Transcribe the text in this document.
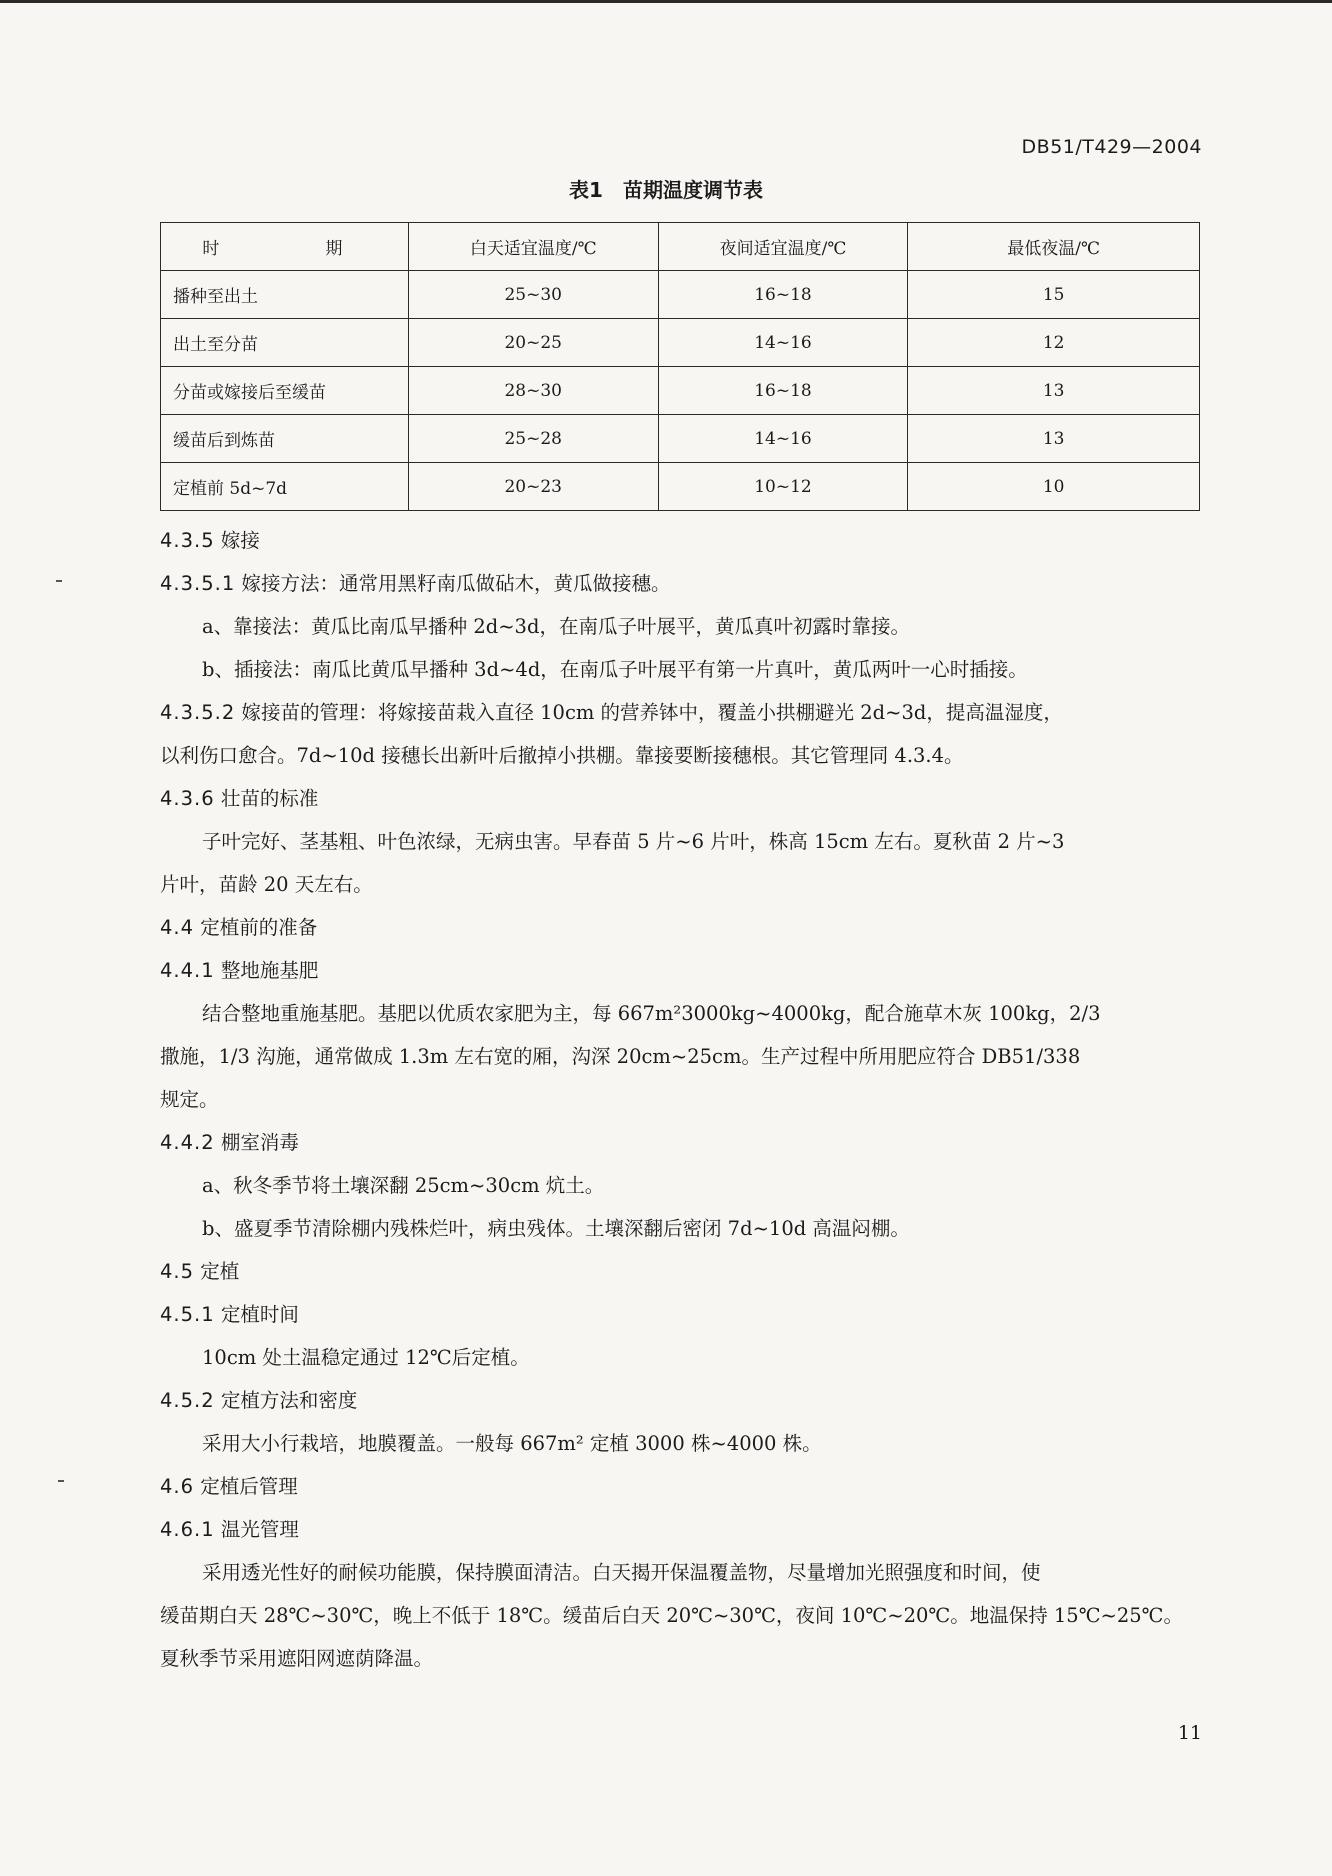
DB51/T429—2004
表1　苗期温度调节表
时　　期	白天适宜温度/℃	夜间适宜温度/℃	最低夜温/℃
播种至出土	25~30	16~18	15
出土至分苗	20~25	14~16	12
分苗或嫁接后至缓苗	28~30	16~18	13
缓苗后到炼苗	25~28	14~16	13
定植前 5d~7d	20~23	10~12	10

4.3.5 嫁接

4.3.5.1 嫁接方法：通常用黑籽南瓜做砧木，黄瓜做接穗。

a、靠接法：黄瓜比南瓜早播种 2d~3d，在南瓜子叶展平，黄瓜真叶初露时靠接。

b、插接法：南瓜比黄瓜早播种 3d~4d，在南瓜子叶展平有第一片真叶，黄瓜两叶一心时插接。

4.3.5.2 嫁接苗的管理：将嫁接苗栽入直径 10cm 的营养钵中，覆盖小拱棚避光 2d~3d，提高温湿度，

以利伤口愈合。7d~10d 接穗长出新叶后撤掉小拱棚。靠接要断接穗根。其它管理同 4.3.4。

4.3.6 壮苗的标准

子叶完好、茎基粗、叶色浓绿，无病虫害。早春苗 5 片~6 片叶，株高 15cm 左右。夏秋苗 2 片~3

片叶，苗龄 20 天左右。

4.4 定植前的准备

4.4.1 整地施基肥

结合整地重施基肥。基肥以优质农家肥为主，每 667m²3000kg~4000kg，配合施草木灰 100kg，2/3

撒施，1/3 沟施，通常做成 1.3m 左右宽的厢，沟深 20cm~25cm。生产过程中所用肥应符合 DB51/338

规定。

4.4.2 棚室消毒

a、秋冬季节将土壤深翻 25cm~30cm 炕土。

b、盛夏季节清除棚内残株烂叶，病虫残体。土壤深翻后密闭 7d~10d 高温闷棚。

4.5 定植

4.5.1 定植时间

10cm 处土温稳定通过 12℃后定植。

4.5.2 定植方法和密度

采用大小行栽培，地膜覆盖。一般每 667m² 定植 3000 株~4000 株。

4.6 定植后管理

4.6.1 温光管理

采用透光性好的耐候功能膜，保持膜面清洁。白天揭开保温覆盖物，尽量增加光照强度和时间，使

缓苗期白天 28℃~30℃，晚上不低于 18℃。缓苗后白天 20℃~30℃，夜间 10℃~20℃。地温保持 15℃~25℃。

夏秋季节采用遮阳网遮荫降温。

11
